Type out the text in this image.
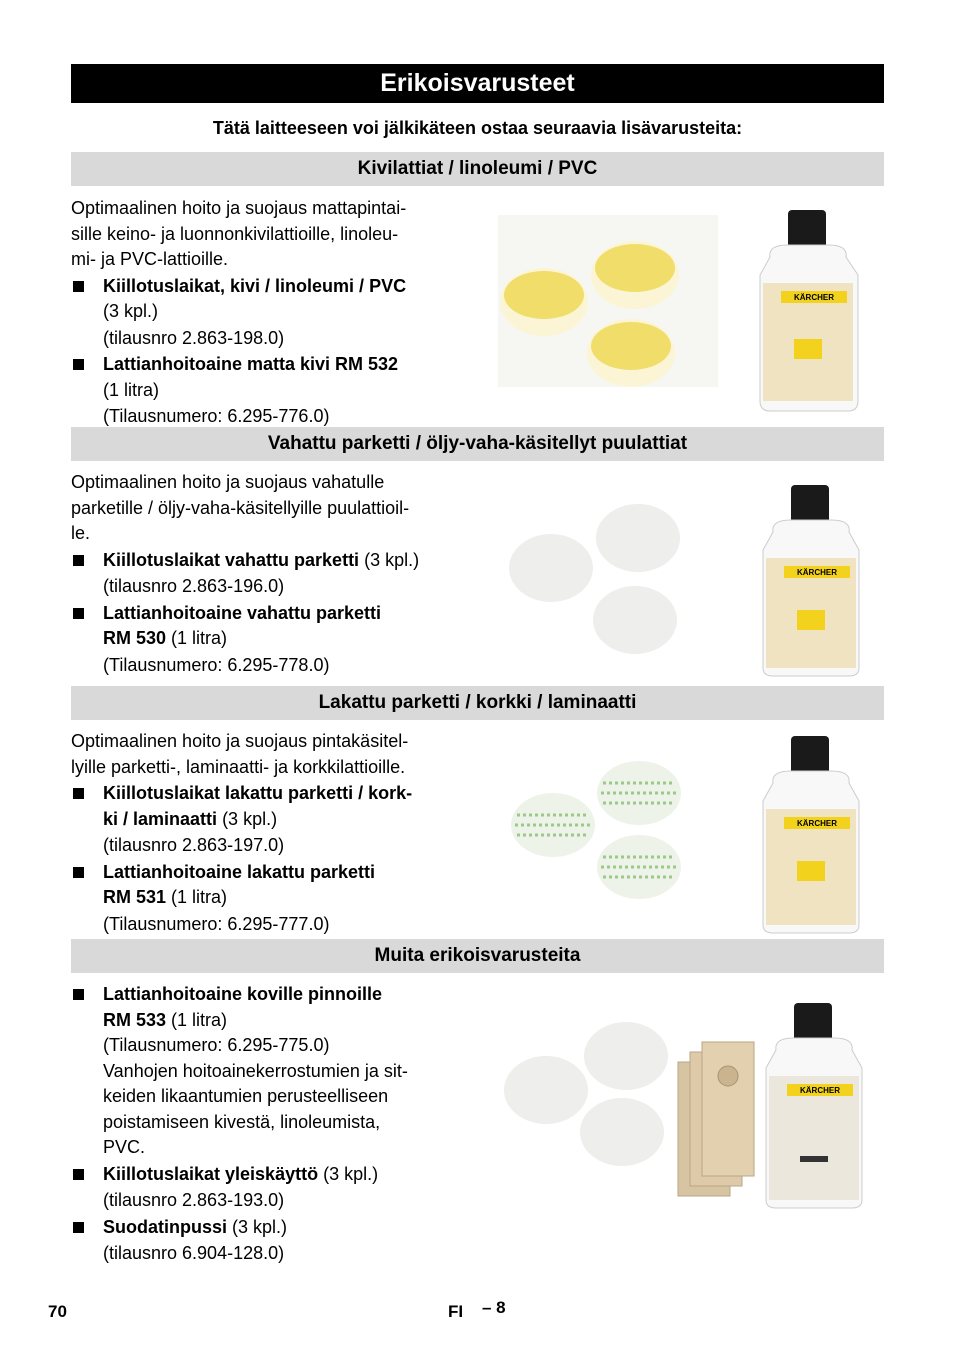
Erikoisvarusteet
Tätä laitteeseen voi jälkikäteen ostaa seuraavia lisävarusteita:
Kivilattiat / linoleumi / PVC
Optimaalinen hoito ja suojaus mattapintai-
sille keino- ja luonnonkivilattioille, linoleu-
mi- ja PVC-lattioille.
Kiillotuslaikat, kivi / linoleumi / PVC
(3 kpl.)
(tilausnro 2.863-198.0)
Lattianhoitoaine matta kivi RM 532
(1 litra)
(Tilausnumero: 6.295-776.0)
KÄRCHER
Vahattu parketti / öljy-vaha-käsitellyt puulattiat
Optimaalinen hoito ja suojaus vahatulle
parketille / öljy-vaha-käsitellyille puulattioil-
le.
Kiillotuslaikat vahattu parketti (3 kpl.)
(tilausnro 2.863-196.0)
Lattianhoitoaine vahattu parketti
RM 530 (1 litra)
(Tilausnumero: 6.295-778.0)
KÄRCHER
Lakattu parketti / korkki / laminaatti
Optimaalinen hoito ja suojaus pintakäsitel-
lyille parketti-, laminaatti- ja korkkilattioille.
Kiillotuslaikat lakattu parketti / kork-
ki / laminaatti (3 kpl.)
(tilausnro 2.863-197.0)
Lattianhoitoaine lakattu parketti
RM 531 (1 litra)
(Tilausnumero: 6.295-777.0)
KÄRCHER
Muita erikoisvarusteita
Lattianhoitoaine koville pinnoille
RM 533 (1 litra)
(Tilausnumero: 6.295-775.0)
Vanhojen hoitoainekerrostumien ja sit-
keiden likaantumien perusteelliseen
poistamiseen kivestä, linoleumista,
PVC.
Kiillotuslaikat yleiskäyttö (3 kpl.)
(tilausnro 2.863-193.0)
Suodatinpussi (3 kpl.)
(tilausnro 6.904-128.0)
KÄRCHER
70	FI – 8
